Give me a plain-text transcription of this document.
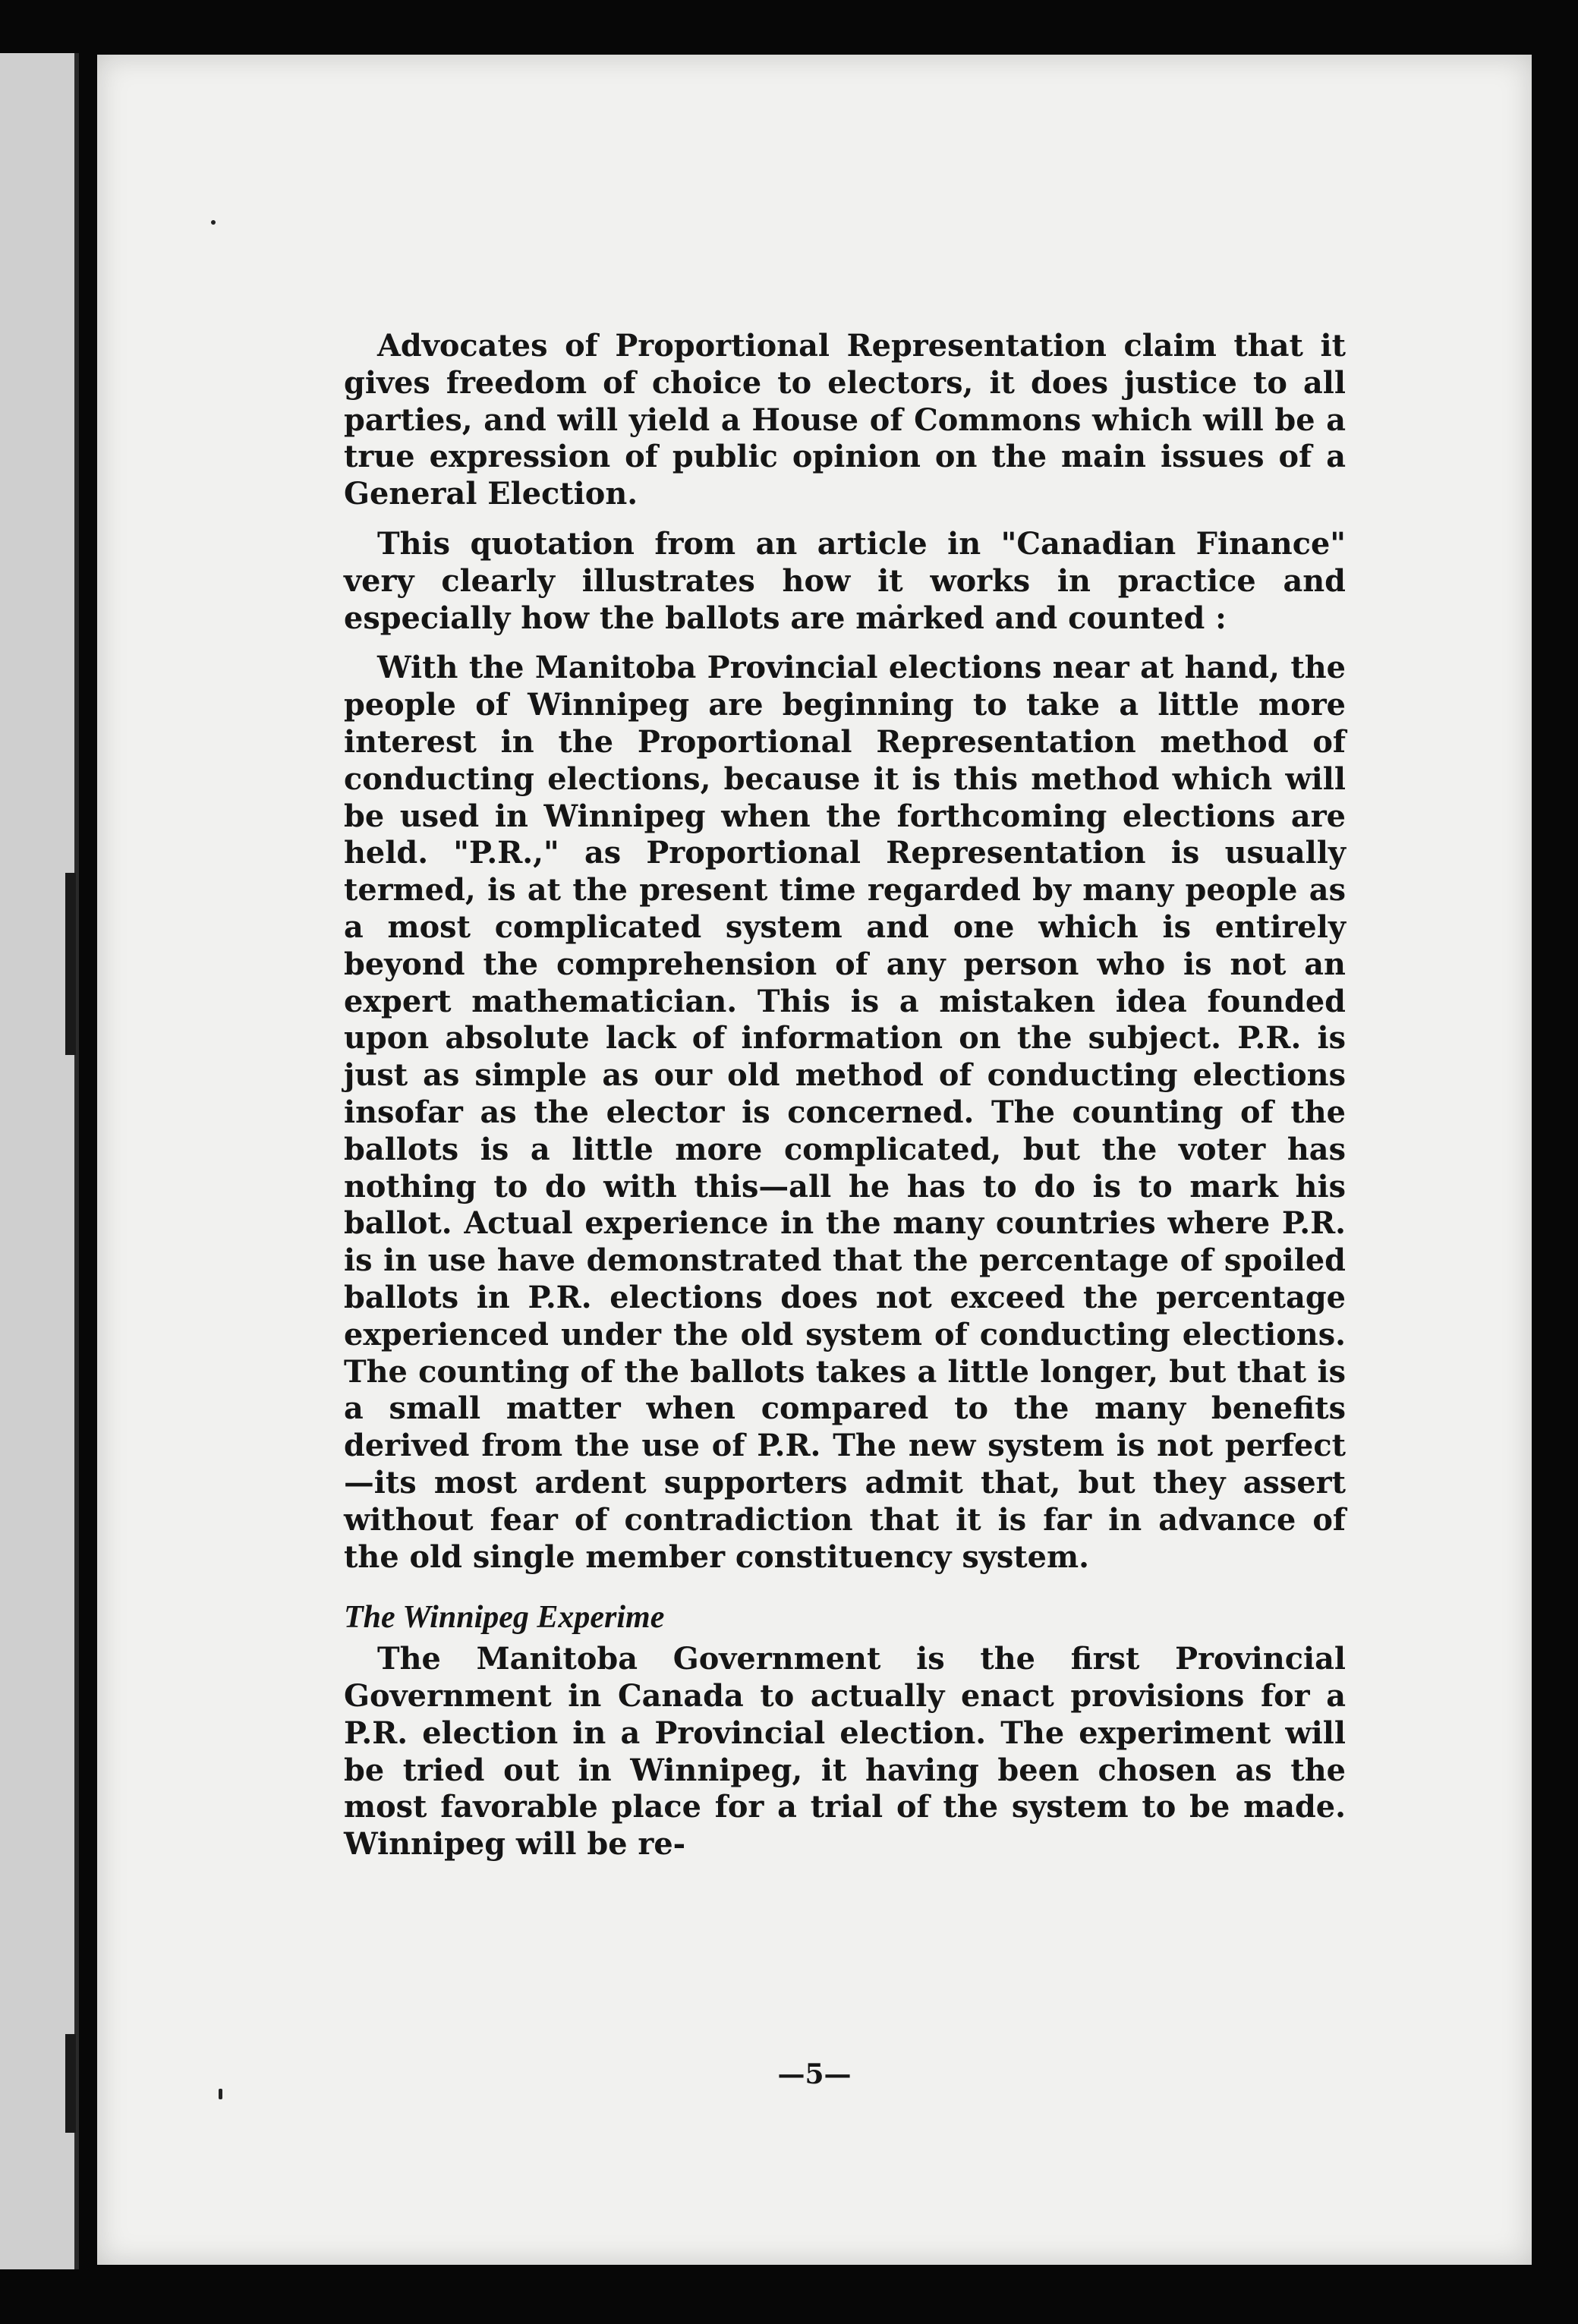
Advocates of Proportional Representation claim that it gives freedom of choice to electors, it does justice to all parties, and will yield a House of Commons which will be a true expression of public opinion on the main issues of a General Election.

This quotation from an article in "Canadian Finance" very clearly illustrates how it works in practice and especially how the ballots are marked and counted :

With the Manitoba Provincial elections near at hand, the people of Winnipeg are beginning to take a little more interest in the Proportional Representation method of conducting elections, because it is this method which will be used in Winnipeg when the forthcoming elections are held. "P.R.," as Proportional Representation is usually termed, is at the present time regarded by many people as a most complicated system and one which is entirely beyond the comprehension of any person who is not an expert mathematician. This is a mistaken idea founded upon absolute lack of information on the subject. P.R. is just as simple as our old method of conducting elections insofar as the elector is concerned. The counting of the ballots is a little more complicated, but the voter has nothing to do with this—all he has to do is to mark his ballot. Actual experience in the many countries where P.R. is in use have demonstrated that the percentage of spoiled ballots in P.R. elections does not exceed the percentage experienced under the old system of conducting elections. The counting of the ballots takes a little longer, but that is a small matter when compared to the many benefits derived from the use of P.R. The new system is not perfect—its most ardent supporters admit that, but they assert without fear of contradiction that it is far in advance of the old single member constituency system.

The Winnipeg Experime

The Manitoba Government is the first Provincial Government in Canada to actually enact provisions for a P.R. election in a Provincial election. The experiment will be tried out in Winnipeg, it having been chosen as the most favorable place for a trial of the system to be made. Winnipeg will be re-

—5—
